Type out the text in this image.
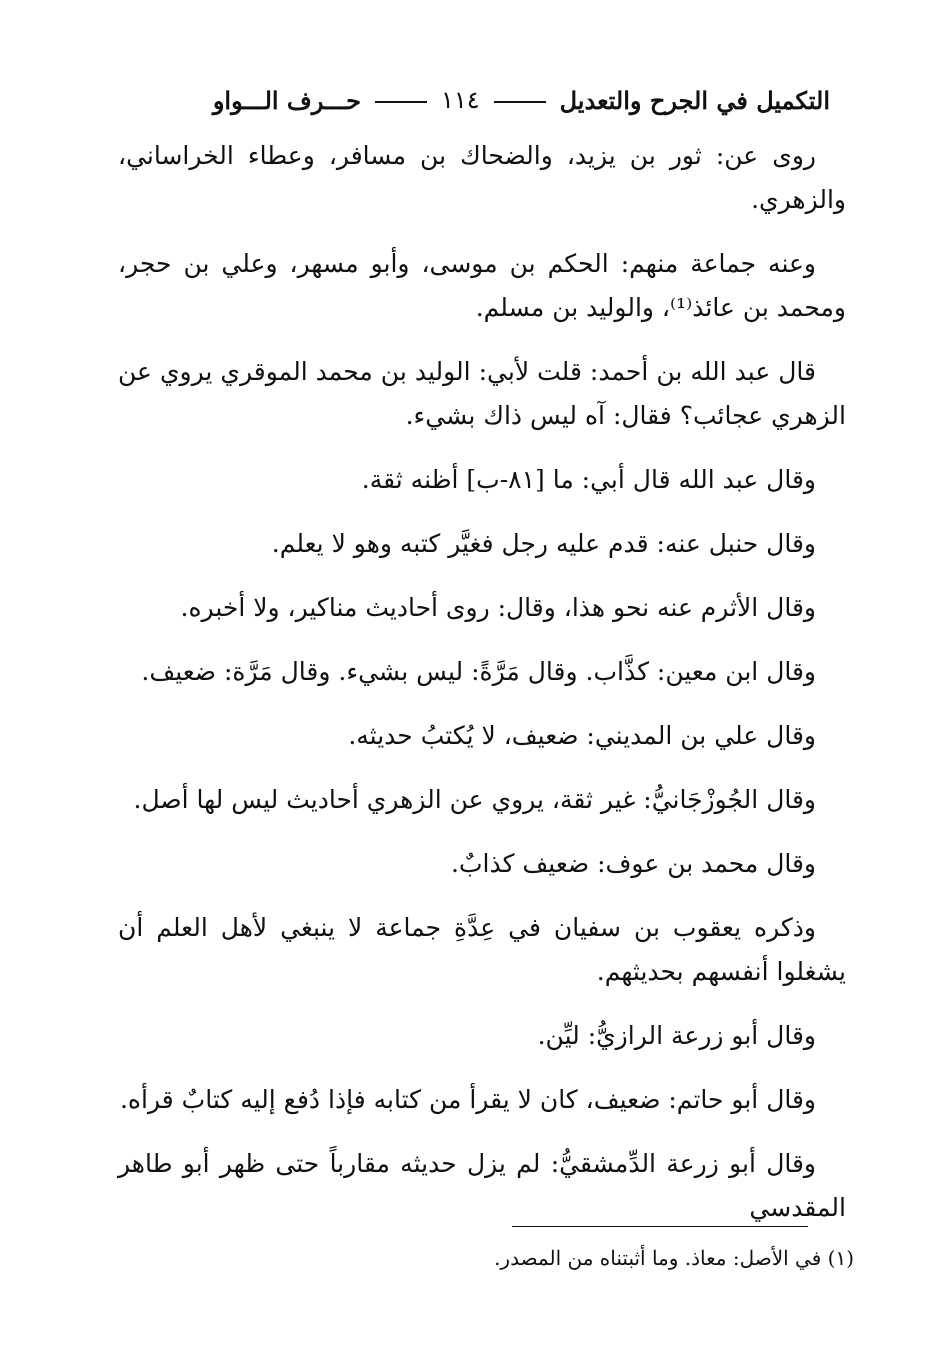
التكميل في الجرح والتعديل
١١٤
حـــرف الـــواو

روى عن: ثور بن يزيد، والضحاك بن مسافر، وعطاء الخراساني، والزهري.

وعنه جماعة منهم: الحكم بن موسى، وأبو مسهر، وعلي بن حجر، ومحمد بن عائذ⁽¹⁾، والوليد بن مسلم.

قال عبد الله بن أحمد: قلت لأبي: الوليد بن محمد الموقري يروي عن الزهري عجائب؟ فقال: آه ليس ذاك بشيء.

وقال عبد الله قال أبي: ما [٨١-ب] أظنه ثقة.

وقال حنبل عنه: قدم عليه رجل فغيَّر كتبه وهو لا يعلم.

وقال الأثرم عنه نحو هذا، وقال: روى أحاديث مناكير، ولا أخبره.

وقال ابن معين: كذَّاب. وقال مَرَّةً: ليس بشيء. وقال مَرَّة: ضعيف.

وقال علي بن المديني: ضعيف، لا يُكتبُ حديثه.

وقال الجُوزْجَانيُّ: غير ثقة، يروي عن الزهري أحاديث ليس لها أصل.

وقال محمد بن عوف: ضعيف كذابٌ.

وذكره يعقوب بن سفيان في عِدَّةِ جماعة لا ينبغي لأهل العلم أن يشغلوا أنفسهم بحديثهم.

وقال أبو زرعة الرازيُّ: ليِّن.

وقال أبو حاتم: ضعيف، كان لا يقرأ من كتابه فإذا دُفع إليه كتابٌ قرأه.

وقال أبو زرعة الدِّمشقيُّ: لم يزل حديثه مقارباً حتى ظهر أبو طاهر المقدسي

(١) في الأصل: معاذ. وما أثبتناه من المصدر.
